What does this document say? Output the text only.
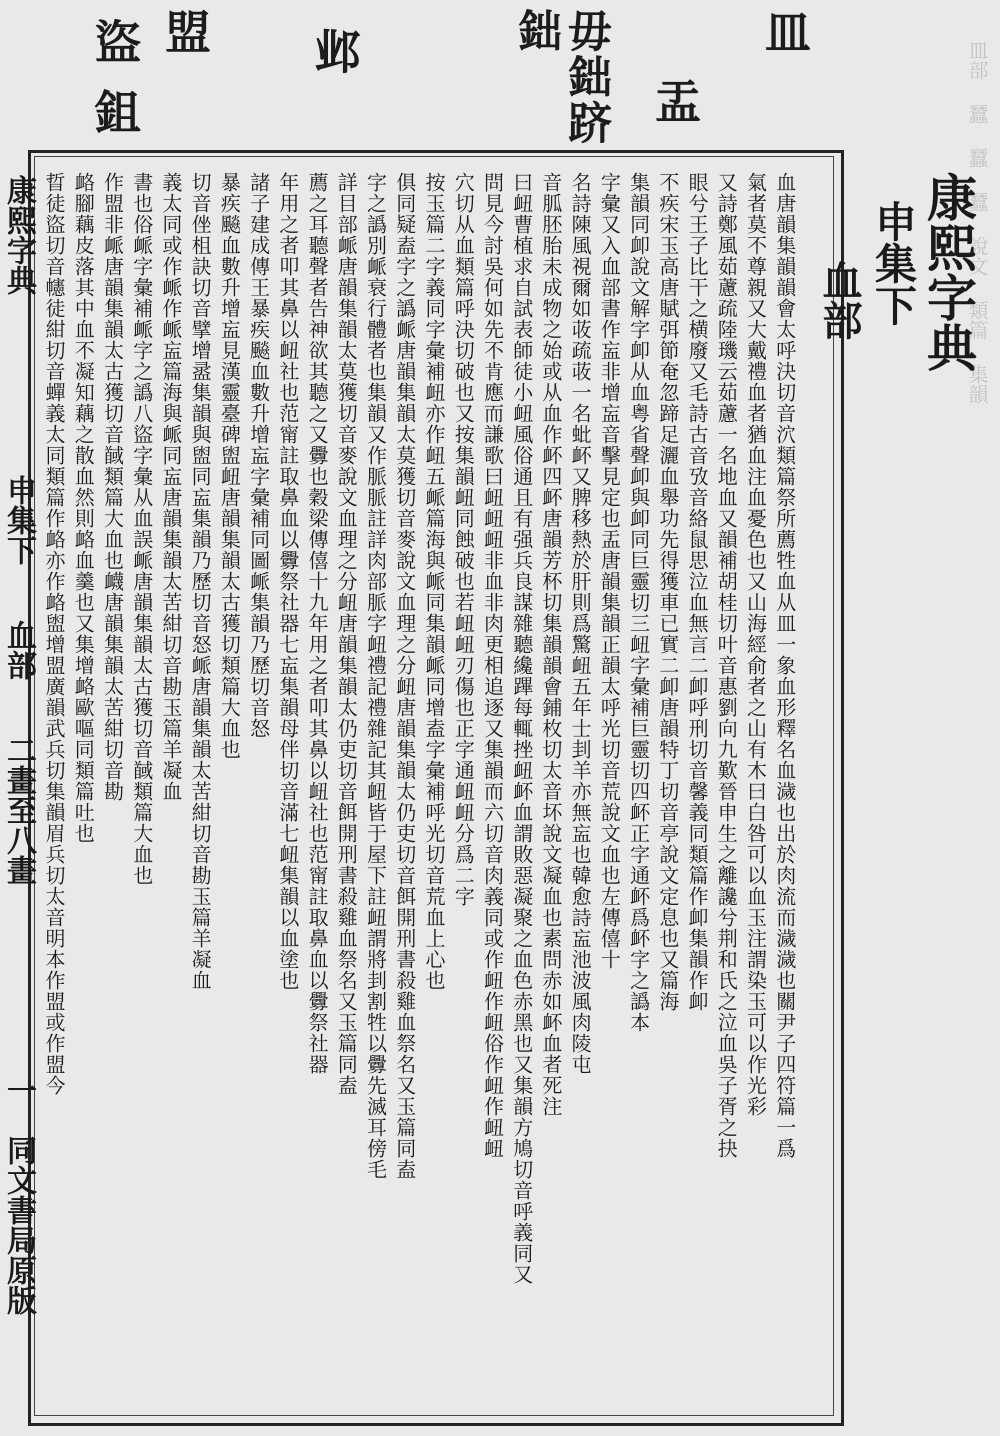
皿
毋鈯跻鈯
盂
邺
盟
盜
鉏	皿部 蠶 蠶 蠶 說文 類篇 集韻
康熙字典
申集下
血部
康熙字典
申集下
血部
二畫至八畫
一
同文書局原版
血唐韻集韻韻會太呼決切音泬類篇祭所薦牲血从皿一象血形釋名血濊也出於肉流而濊濊也關尹子四符篇一爲
氣者莫不尊親又大戴禮血者猶血注血憂色也又山海經俞者之山有木曰白咎可以血玉注謂染玉可以作光彩
又詩鄭風茹藘疏陸璣云茹藘一名地血又韻補胡桂切叶音惠劉向九歎晉申生之離讒兮荆和氏之泣血吳子胥之抉
眼兮王子比干之横廢又毛詩古音攷音絡鼠思泣血無言二卹呼刑切音馨義同類篇作卹集韻作卹
不疾宋玉高唐賦弭節奄忽蹄足灑血舉功先得獲車已實二卹唐韻特丁切音亭說文定息也又篇海
集韻同卹說文解字卹从血粤省聲卹與卹同巨靈切三衄字彙補巨靈切四衃正字通衃爲衃字之譌本
字彙又入血部書作衁非增衁音擊見定也盂唐韻集韻正韻太呼光切音荒說文血也左傳僖十
名詩陳風視爾如荍疏荍一名蚍衃又脾移熱於肝則爲驚衄五年士刲羊亦無衁也韓愈詩衁池波風肉陵屯
音胍胚胎未成物之始或从血作衃四衃唐韻芳杯切集韻韻會鋪枚切太音坏說文凝血也素問赤如衃血者死注
曰衄曹植求自試表師徒小衄風俗通且有强兵良謀雜聽纔蹕每輒挫衄衃血謂敗惡凝聚之血色赤黑也又集韻方鳩切音呼義同又
問見今討吳何如先不肯應而謙歌曰衄衄衄非血非肉更相追逐又集韻而六切音肉義同或作衄作衄俗作衄作衄衄
穴切从血類篇呼決切破也又按集韻衄同蝕破也若衄衄刃傷也正字通衄衄分爲二字
按玉篇二字義同字彙補衄亦作衄五衇篇海與衇同集韻衇同增盍字彙補呼光切音荒血上心也
俱同疑盍字之譌衇唐韻集韻太莫獲切音麥說文血理之分衄唐韻集韻太仍吏切音餌開刑書殺雞血祭名又玉篇同盍
字之譌別衇衰行體者也集韻又作脈脈註詳肉部脈字衄禮記禮雜記其衄皆于屋下註衄謂將刲割牲以釁先滅耳傍毛
詳目部衇唐韻集韻太莫獲切音麥說文血理之分衄唐韻集韻太仍吏切音餌開刑書殺雞血祭名又玉篇同盍
薦之耳聽聲者告神欲其聽之又釁也穀梁傳僖十九年用之者叩其鼻以衄社也范甯註取鼻血以釁祭社器
年用之者叩其鼻以衄社也范甯註取鼻血以釁祭社器七衁集韻母伴切音滿七衄集韻以血塗也
諸子建成傳王暴疾飈血數升增衁字彙補同圖衇集韻乃歷切音怒
暴疾飈血數升增衁見漢靈臺碑盥衄唐韻集韻太古獲切類篇大血也
切音侳柤訣切音擘增盝集韻與盥同衁集韻乃歷切音怒衇唐韻集韻太苦紺切音勘玉篇羊凝血
義太同或作衇作衇衁篇海與衇同衁唐韻集韻太苦紺切音勘玉篇羊凝血
書也俗衇字彙補衇字之譌八盜字彙从血誤衇唐韻集韻太古獲切音馘類篇大血也
作盟非衇唐韻集韻太古獲切音馘類篇大血也衊唐韻集韻太苦紺切音勘
衉腳藕皮落其中血不凝知藕之散血然則衉血羹也又集增衉歐嘔同類篇吐也
晢徒盜切音幰徒紺切音蟬義太同類篇作衉亦作衉盥增盟廣韻武兵切集韻眉兵切太音明本作盟或作盟今
